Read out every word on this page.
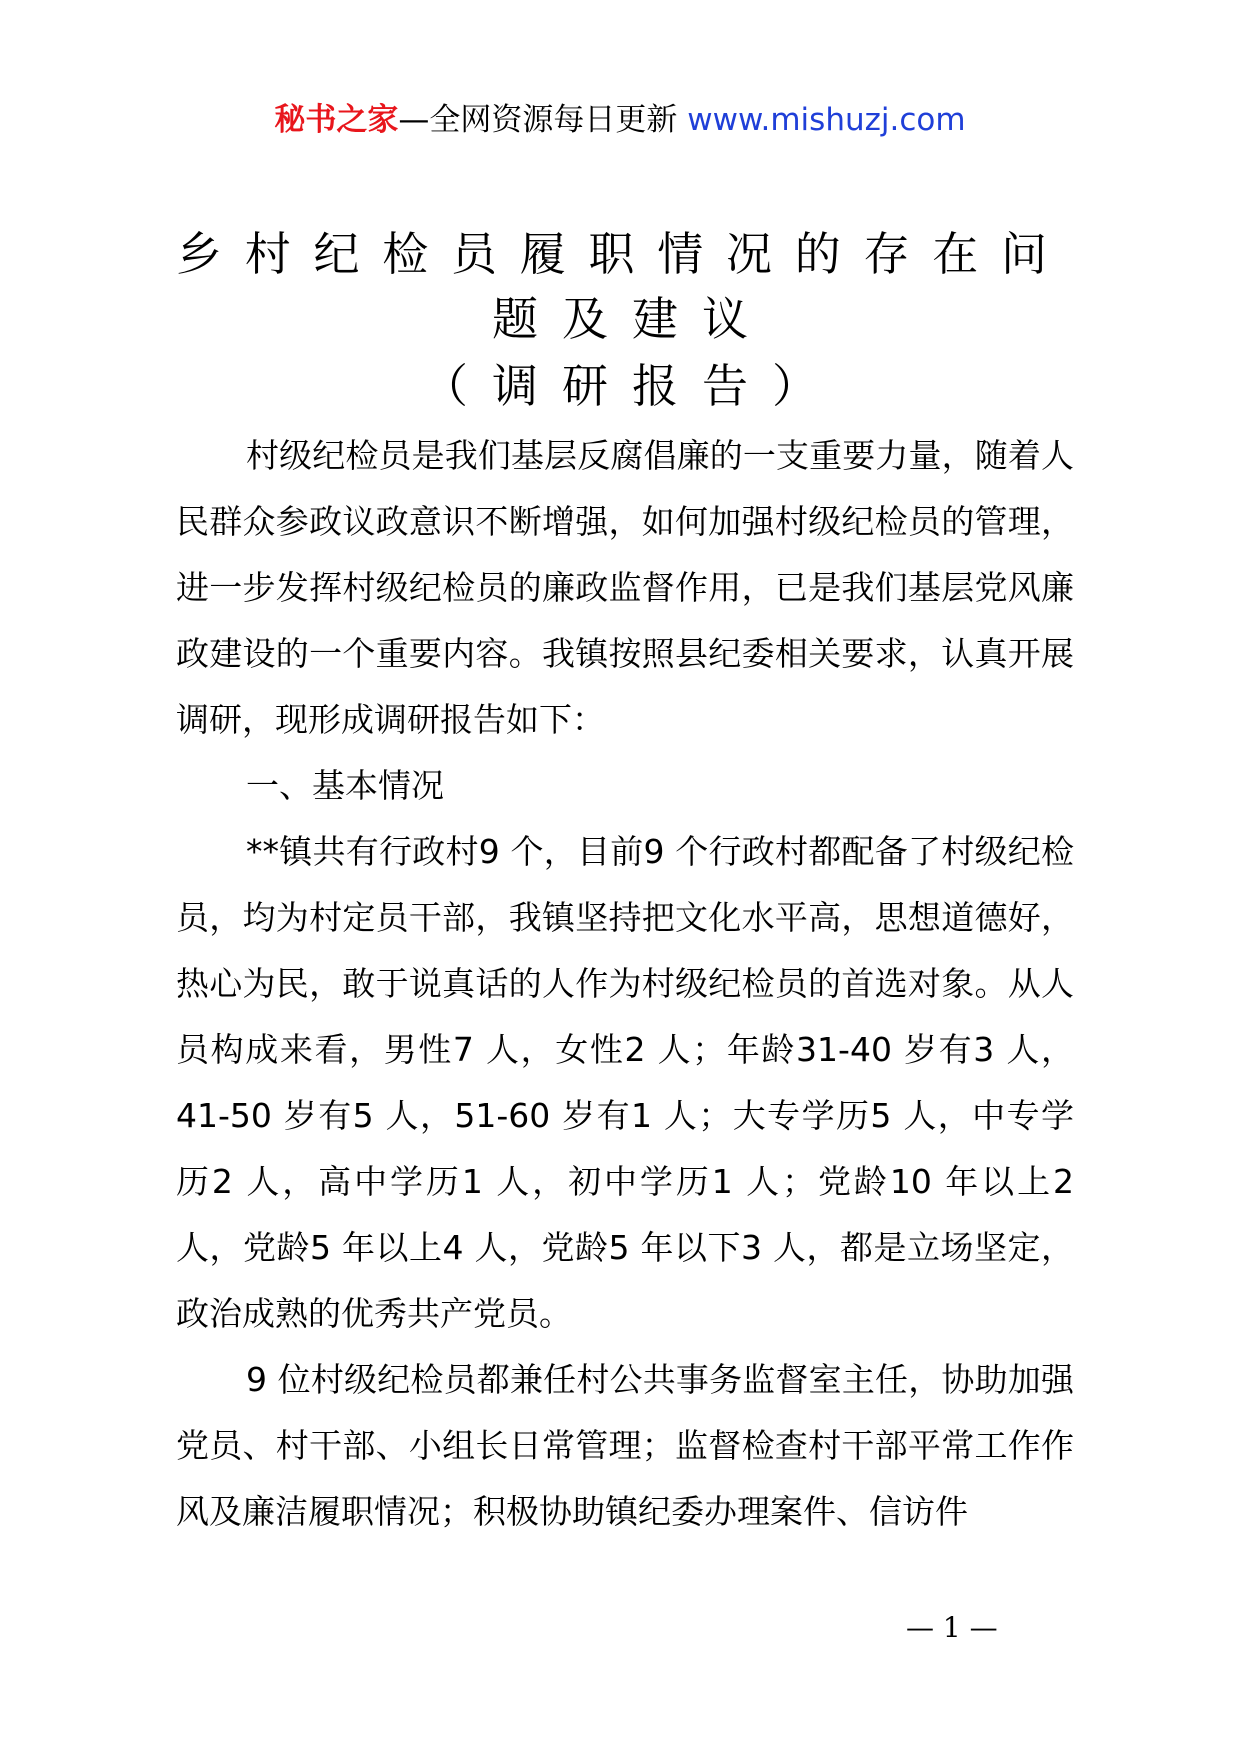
秘书之家—全网资源每日更新 www.mishuzj.com
乡村纪检员履职情况的存在问
题及建议
（调研报告）

村级纪检员是我们基层反腐倡廉的一支重要力量，随着人民群众参政议政意识不断增强，如何加强村级纪检员的管理，进一步发挥村级纪检员的廉政监督作用，已是我们基层党风廉政建设的一个重要内容。我镇按照县纪委相关要求，认真开展调研，现形成调研报告如下：

一、基本情况

**镇共有行政村9 个，目前9 个行政村都配备了村级纪检员，均为村定员干部，我镇坚持把文化水平高，思想道德好，热心为民，敢于说真话的人作为村级纪检员的首选对象。从人员构成来看，男性7 人，女性2 人；年龄31-40 岁有3 人，41-50 岁有5 人，51-60 岁有1 人；大专学历5 人，中专学历2 人，高中学历1 人，初中学历1 人；党龄10 年以上2 人，党龄5 年以上4 人，党龄5 年以下3 人，都是立场坚定，政治成熟的优秀共产党员。

9 位村级纪检员都兼任村公共事务监督室主任，协助加强党员、村干部、小组长日常管理；监督检查村干部平常工作作风及廉洁履职情况；积极协助镇纪委办理案件、信访件

— 1 —
